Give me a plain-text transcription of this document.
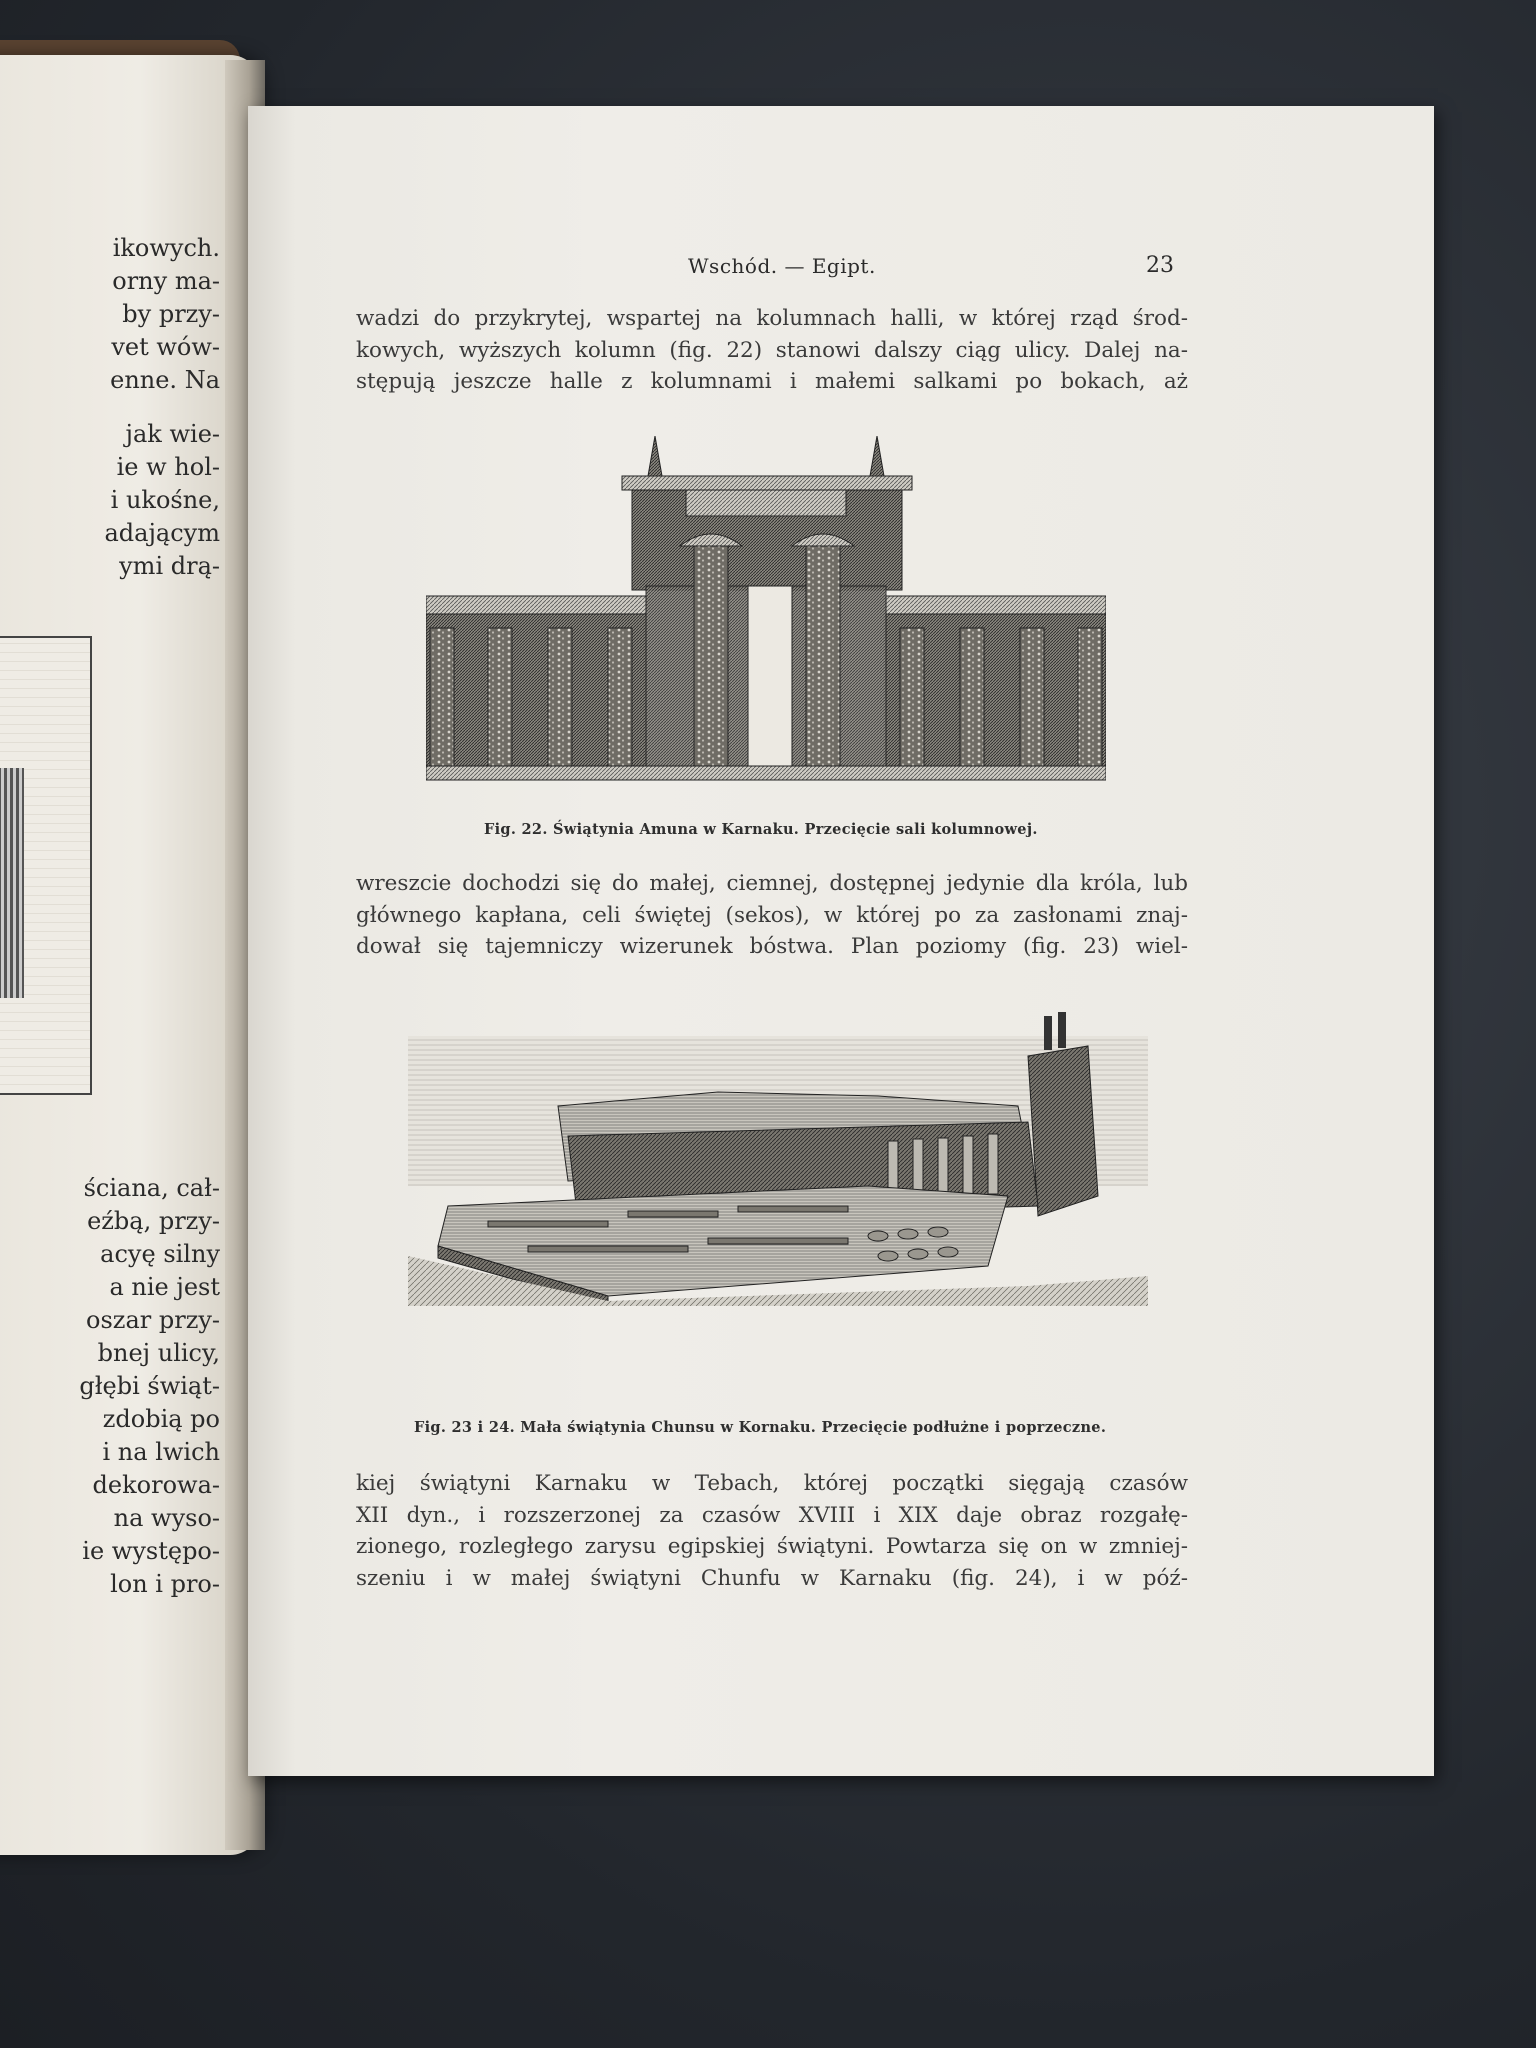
ikowych.
orny ma-
by przy-
vet wów-
enne. Na
jak wie-
ie w hol-
i ukośne,
adającym
ymi drą-
ściana, cał-
eźbą, przy-
acyę silny
a nie jest
oszar przy-
bnej ulicy,
głębi świąt-
zdobią po
i na lwich
dekorowa-
na wyso-
ie występo-
lon i pro-
Wschód. — Egipt.	23
wadzi do przykrytej, wspartej na kolumnach halli, w której rząd środ-
kowych, wyższych kolumn (fig. 22) stanowi dalszy ciąg ulicy. Dalej na-
stępują jeszcze halle z kolumnami i małemi salkami po bokach, aż
Fig. 22. Świątynia Amuna w Karnaku. Przecięcie sali kolumnowej.
wreszcie dochodzi się do małej, ciemnej, dostępnej jedynie dla króla, lub
głównego kapłana, celi świętej (sekos), w której po za zasłonami znaj-
dował się tajemniczy wizerunek bóstwa. Plan poziomy (fig. 23) wiel-
Fig. 23 i 24. Mała świątynia Chunsu w Kornaku. Przecięcie podłużne i poprzeczne.
kiej świątyni Karnaku w Tebach, której początki sięgają czasów
XII dyn., i rozszerzonej za czasów XVIII i XIX daje obraz rozgałę-
zionego, rozległego zarysu egipskiej świątyni. Powtarza się on w zmniej-
szeniu i w małej świątyni Chunfu w Karnaku (fig. 24), i w póź-
